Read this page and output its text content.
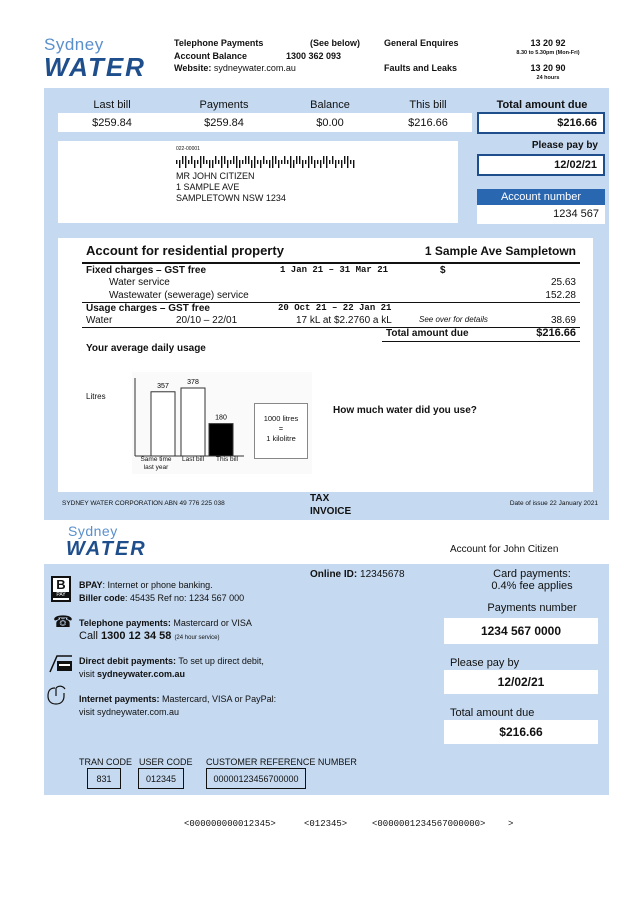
Sydney
WATER
Telephone Payments	(See below)
Account Balance	1300 362 093
Website: sydneywater.com.au
General Enquires	13 20 92
8.30 to 5.30pm (Mon-Fri)
Faults and Leaks	13 20 90
24 hours
Last bill	Payments	Balance	This bill	Total amount due
$259.84	$259.84	$0.00	$216.66	$216.66
Please pay by
12/02/21
Account number
1234 567
022-00001
MR JOHN CITIZEN
1 SAMPLE AVE
SAMPLETOWN NSW 1234
Account for residential property	1 Sample Ave Sampletown
Fixed charges – GST free	1 Jan 21 – 31 Mar 21	$
Water service	25.63
Wastewater (sewerage) service	152.28
Usage charges – GST free	20 Oct 21 – 22 Jan 21
Water	20/10 – 22/01	17 kL at $2.2760 a kL	See over for details	38.69
Total amount due	$216.66
Your average daily usage
Litres
357
378
180
Same time last year
Last bill	This bill
1000 litres
=
1 kilolitre
How much water did you use?
SYDNEY WATER CORPORATION ABN 49 776 225 038	TAX
INVOICE
Date of issue 22 January 2021
Sydney
WATER	Account for John Citizen
Online ID: 12345678
B
PAY
BPAY: Internet or phone banking.
Biller code: 45435 Ref no: 1234 567 000
☎ Telephone payments: Mastercard or VISA
Call 1300 12 34 58 (24 hour service)
Direct debit payments: To set up direct debit,
visit sydneywater.com.au
Internet payments: Mastercard, VISA or PayPal:
visit sydneywater.com.au
Card payments:
0.4% fee applies
Payments number
1234 567 0000
Please pay by
12/02/21
Total amount due
$216.66
TRAN CODE USER CODE CUSTOMER REFERENCE NUMBER
831	012345	00000123456700000
<000000000012345>	<012345>	<0000001234567000000>	>
